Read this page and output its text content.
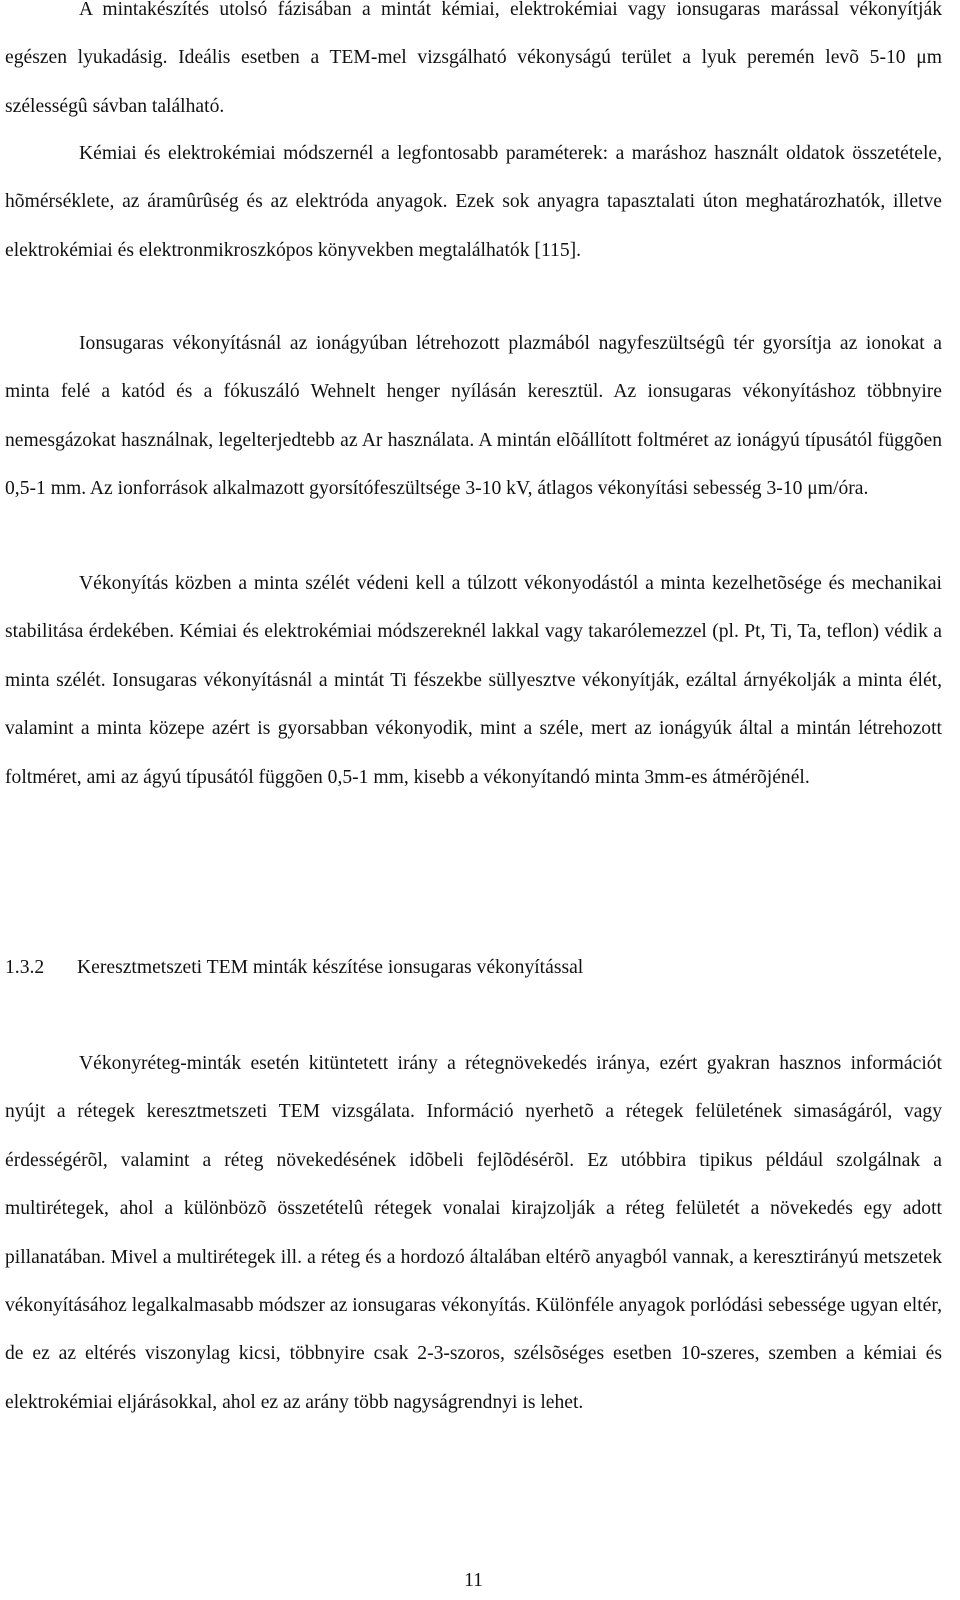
A mintakészítés utolsó fázisában a mintát kémiai, elektrokémiai vagy ionsugaras marással vékonyítják egészen lyukadásig. Ideális esetben a TEM-mel vizsgálható vékonyságú terület a lyuk peremén levõ 5-10 μm szélességû sávban található.

Kémiai és elektrokémiai módszernél a legfontosabb paraméterek: a maráshoz használt oldatok összetétele, hõmérséklete, az áramûrûség és az elektróda anyagok. Ezek sok anyagra tapasztalati úton meghatározhatók, illetve elektrokémiai és elektronmikroszkópos könyvekben megtalálhatók [115].

Ionsugaras vékonyításnál az ionágyúban létrehozott plazmából nagyfeszültségû tér gyorsítja az ionokat a minta felé a katód és a fókuszáló Wehnelt henger nyílásán keresztül. Az ionsugaras vékonyításhoz többnyire nemesgázokat használnak, legelterjedtebb az Ar használata. A mintán elõállított foltméret az ionágyú típusától függõen 0,5-1 mm. Az ionforrások alkalmazott gyorsítófeszültsége 3-10 kV, átlagos vékonyítási sebesség 3-10 μm/óra.

Vékonyítás közben a minta szélét védeni kell a túlzott vékonyodástól a minta kezelhetõsége és mechanikai stabilitása érdekében. Kémiai és elektrokémiai módszereknél lakkal vagy takarólemezzel (pl. Pt, Ti, Ta, teflon) védik a minta szélét. Ionsugaras vékonyításnál a mintát Ti fészekbe süllyesztve vékonyítják, ezáltal árnyékolják a minta élét, valamint a minta közepe azért is gyorsabban vékonyodik, mint a széle, mert az ionágyúk által a mintán létrehozott foltméret, ami az ágyú típusától függõen 0,5-1 mm, kisebb a vékonyítandó minta 3mm-es átmérõjénél.

1.3.2	Keresztmetszeti TEM minták készítése ionsugaras vékonyítással

Vékonyréteg-minták esetén kitüntetett irány a rétegnövekedés iránya, ezért gyakran hasznos információt nyújt a rétegek keresztmetszeti TEM vizsgálata. Információ nyerhetõ a rétegek felületének simaságáról, vagy érdességérõl, valamint a réteg növekedésének idõbeli fejlõdésérõl. Ez utóbbira tipikus például szolgálnak a multirétegek, ahol a különbözõ összetételû rétegek vonalai kirajzolják a réteg felületét a növekedés egy adott pillanatában. Mivel a multirétegek ill. a réteg és a hordozó általában eltérõ anyagból vannak, a keresztirányú metszetek vékonyításához legalkalmasabb módszer az ionsugaras vékonyítás. Különféle anyagok porlódási sebessége ugyan eltér, de ez az eltérés viszonylag kicsi, többnyire csak 2-3-szoros, szélsõséges esetben 10-szeres, szemben a kémiai és elektrokémiai eljárásokkal, ahol ez az arány több nagyságrendnyi is lehet.

11
